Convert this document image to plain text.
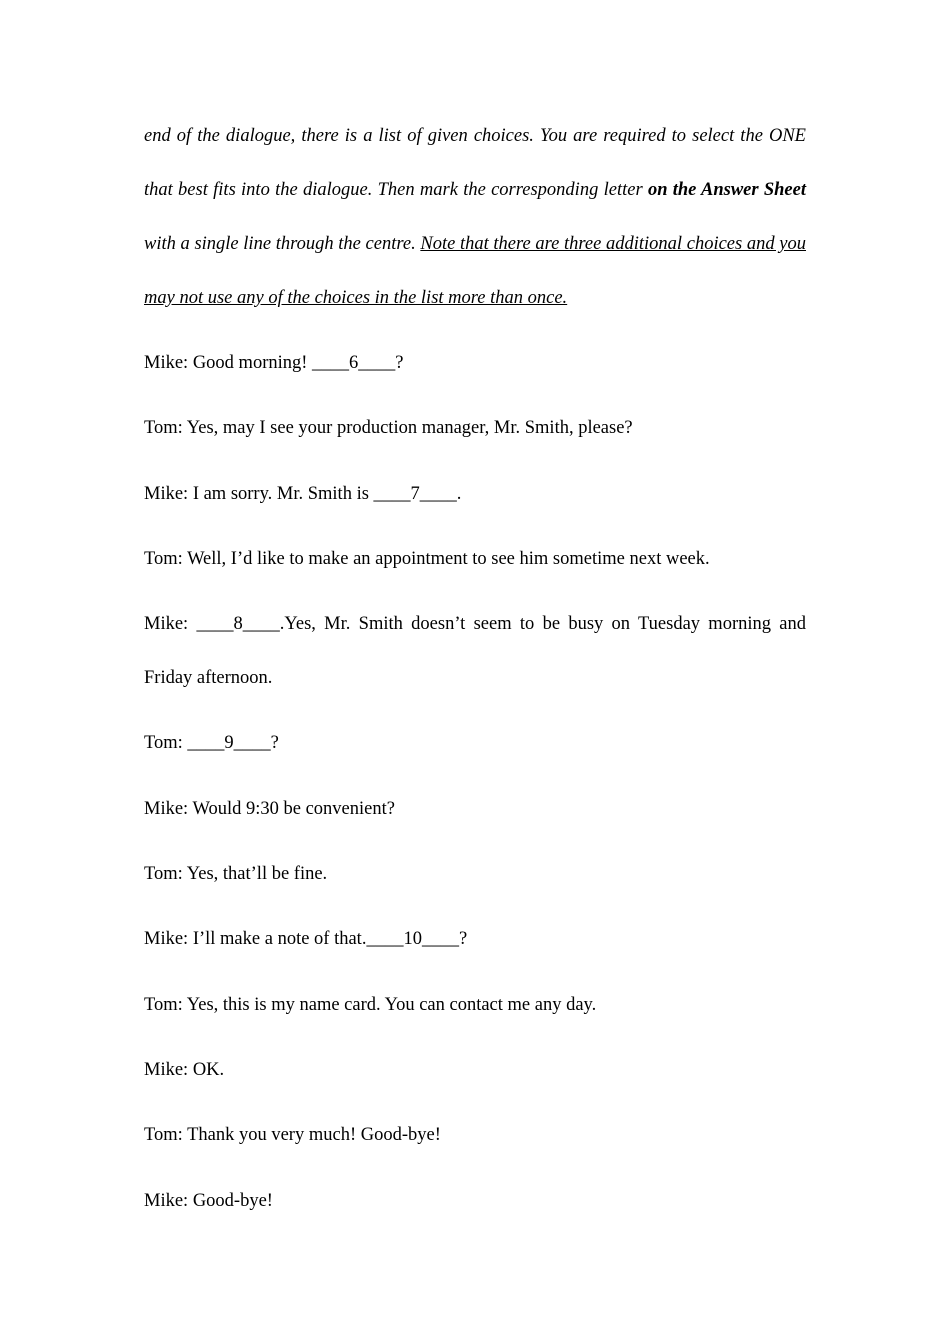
end of the dialogue, there is a list of given choices. You are required to select the ONE that best fits into the dialogue. Then mark the corresponding letter on the Answer Sheet with a single line through the centre. Note that there are three additional choices and you may not use any of the choices in the list more than once.

Mike: Good morning! ____6____?

Tom: Yes, may I see your production manager, Mr. Smith, please?

Mike: I am sorry. Mr. Smith is ____7____.

Tom: Well, I’d like to make an appointment to see him sometime next week.

Mike: ____8____.Yes, Mr. Smith doesn’t seem to be busy on Tuesday morning and Friday afternoon.

Tom: ____9____?

Mike: Would 9:30 be convenient?

Tom: Yes, that’ll be fine.

Mike: I’ll make a note of that.____10____?

Tom: Yes, this is my name card. You can contact me any day.

Mike: OK.

Tom: Thank you very much! Good-bye!

Mike: Good-bye!
